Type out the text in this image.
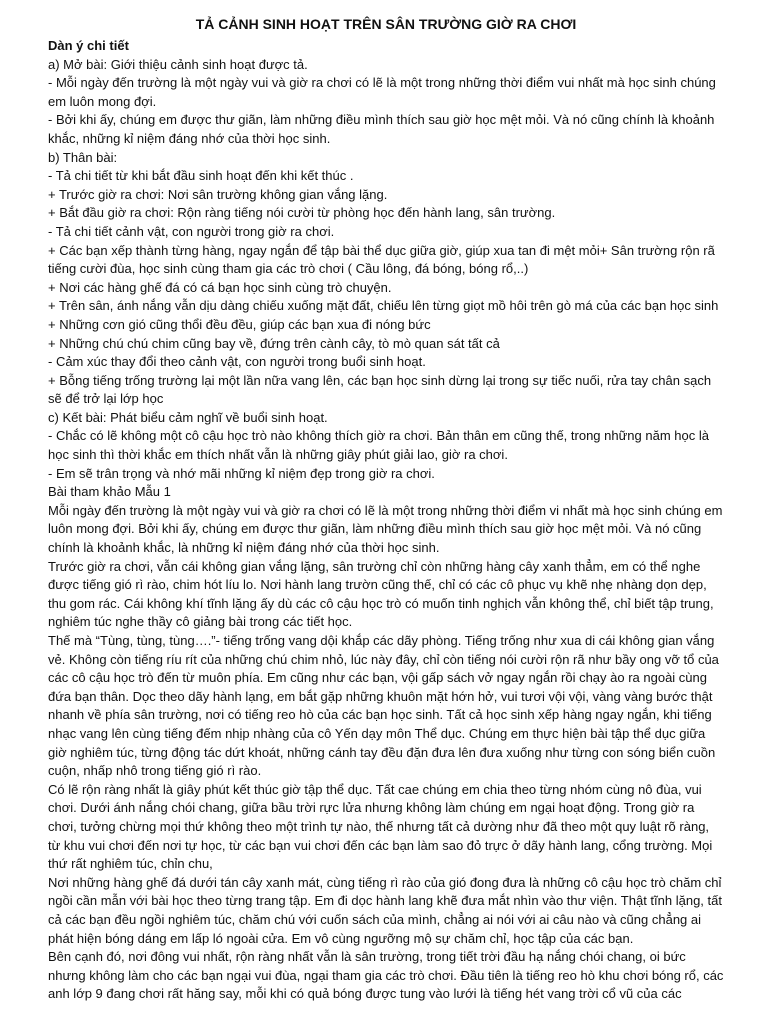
TẢ CẢNH SINH HOẠT TRÊN SÂN TRƯỜNG GIỜ RA CHƠI
Dàn ý chi tiết

a) Mở bài: Giới thiệu cảnh sinh hoạt được tả.

- Mỗi ngày đến trường là một ngày vui và giờ ra chơi có lẽ là một trong những thời điểm vui nhất mà học sinh chúng em luôn mong đợi.

- Bởi khi ấy, chúng em được thư giãn, làm những điều mình thích sau giờ học mệt mỏi. Và nó cũng chính là khoảnh khắc, những kỉ niệm đáng nhớ của thời học sinh.

b) Thân bài:

- Tả chi tiết từ khi bắt đầu sinh hoạt đến khi kết thúc .

+ Trước giờ ra chơi: Nơi sân trường không gian vắng lặng.

+ Bắt đầu giờ ra chơi: Rộn ràng tiếng nói cười từ phòng học đến hành lang, sân trường.

- Tả chi tiết cảnh vật, con người trong giờ ra chơi.

+ Các bạn xếp thành từng hàng, ngay ngắn để tập bài thể dục giữa giờ, giúp xua tan đi mệt mỏi+ Sân trường rộn rã tiếng cười đùa, học sinh cùng tham gia các trò chơi ( Cầu lông, đá bóng, bóng rổ,..)

+ Nơi các hàng ghế đá có cá bạn học sinh cùng trò chuyện.

+ Trên sân, ánh nắng vẫn dịu dàng chiếu xuống mặt đất, chiếu lên từng giọt mồ hôi trên gò má của các bạn học sinh

+ Những cơn gió cũng thổi đều đều, giúp các bạn xua đi nóng bức

+ Những chú chú chim cũng bay về, đứng trên cành cây, tò mò quan sát tất cả

- Cảm xúc thay đổi theo cảnh vật, con người trong buổi sinh hoạt.

+ Bỗng tiếng trống trường lại một lần nữa vang lên, các bạn học sinh dừng lại trong sự tiếc nuối, rửa tay chân sạch sẽ để trở lại lớp học

c) Kết bài: Phát biểu cảm nghĩ về buổi sinh hoạt.

- Chắc có lẽ không một cô cậu học trò nào không thích giờ ra chơi. Bản thân em cũng thế, trong những năm học là học sinh thì thời khắc em thích nhất vẫn là những giây phút giải lao, giờ ra chơi.

- Em sẽ trân trọng và nhớ mãi những kỉ niệm đẹp trong giờ ra chơi.

Bài tham khảo Mẫu 1

Mỗi ngày đến trường là một ngày vui và giờ ra chơi có lẽ là một trong những thời điểm vi nhất mà học sinh chúng em luôn mong đợi. Bởi khi ấy, chúng em được thư giãn, làm những điều mình thích sau giờ học mệt mỏi. Và nó cũng chính là khoảnh khắc, là những kỉ niệm đáng nhớ của thời học sinh.

Trước giờ ra chơi, vẫn cái không gian vắng lặng, sân trường chỉ còn những hàng cây xanh thẳm, em có thể nghe được tiếng gió rì rào, chim hót líu lo. Nơi hành lang trườn cũng thế, chỉ có các cô phục vụ khẽ nhẹ nhàng dọn dẹp, thu gom rác. Cái không khí tĩnh lặng ấy dù các cô cậu học trò có muốn tinh nghịch vẫn không thể, chỉ biết tập trung, nghiêm túc nghe thầy cô giảng bài trong các tiết học.

Thế mà “Tùng, tùng, tùng….”- tiếng trống vang dội khắp các dãy phòng. Tiếng trống như xua di cái không gian vắng vẻ. Không còn tiếng ríu rít của những chú chim nhỏ, lúc này đây, chỉ còn tiếng nói cười rộn rã như bầy ong vỡ tổ của các cô cậu học trò đến từ muôn phía. Em cũng như các bạn, vội gấp sách vở ngay ngắn rồi chạy ào ra ngoài cùng đứa bạn thân. Dọc theo dãy hành lạng, em bắt gặp những khuôn mặt hớn hở, vui tươi vội vội, vàng vàng bước thật nhanh về phía sân trường, nơi có tiếng reo hò của các bạn học sinh. Tất cả học sinh xếp hàng ngay ngắn, khi tiếng nhạc vang lên cùng tiếng đếm nhịp nhàng của cô Yến dạy môn Thể dục. Chúng em thực hiện bài tập thể dục giữa giờ nghiêm túc, từng động tác dứt khoát, những cánh tay đều đặn đưa lên đưa xuống như từng con sóng biển cuồn cuộn, nhấp nhô trong tiếng gió rì rào.

Có lẽ rộn ràng nhất là giây phút kết thúc giờ tập thể dục. Tất cae chúng em chia theo từng nhóm cùng nô đùa, vui chơi. Dưới ánh nắng chói chang, giữa bầu trời rực lửa nhưng không làm chúng em ngại hoạt động. Trong giờ ra chơi, tưởng chừng mọi thứ không theo một trình tự nào, thế nhưng tất cả dường như đã theo một quy luật rõ ràng, từ khu vui chơi đến nơi tự học, từ các bạn vui chơi đến các bạn làm sao đỏ trực ở dãy hành lang, cổng trường. Mọi thứ rất nghiêm túc, chỉn chu,

Nơi những hàng ghế đá dưới tán cây xanh mát, cùng tiếng rì rào của gió đong đưa là những cô cậu học trò chăm chỉ ngồi cần mẫn với bài học theo từng trang tập. Em đi dọc hành lang khẽ đưa mắt nhìn vào thư viện. Thật tĩnh lặng, tất cả các bạn đều ngồi nghiêm túc, chăm chú với cuốn sách của mình, chẳng ai nói với ai câu nào và cũng chẳng ai phát hiện bóng dáng em lấp ló ngoài cửa. Em vô cùng ngưỡng mộ sự chăm chỉ, học tập của các bạn.

Bên cạnh đó, nơi đông vui nhất, rộn ràng nhất vẫn là sân trường, trong tiết trời đầu hạ nắng chói chang, oi bức nhưng không làm cho các bạn ngại vui đùa, ngại tham gia các trò chơi. Đầu tiên là tiếng reo hò khu chơi bóng rổ, các anh lớp 9 đang chơi rất hăng say, mỗi khi có quả bóng được tung vào lưới là tiếng hét vang trời cổ vũ của các
